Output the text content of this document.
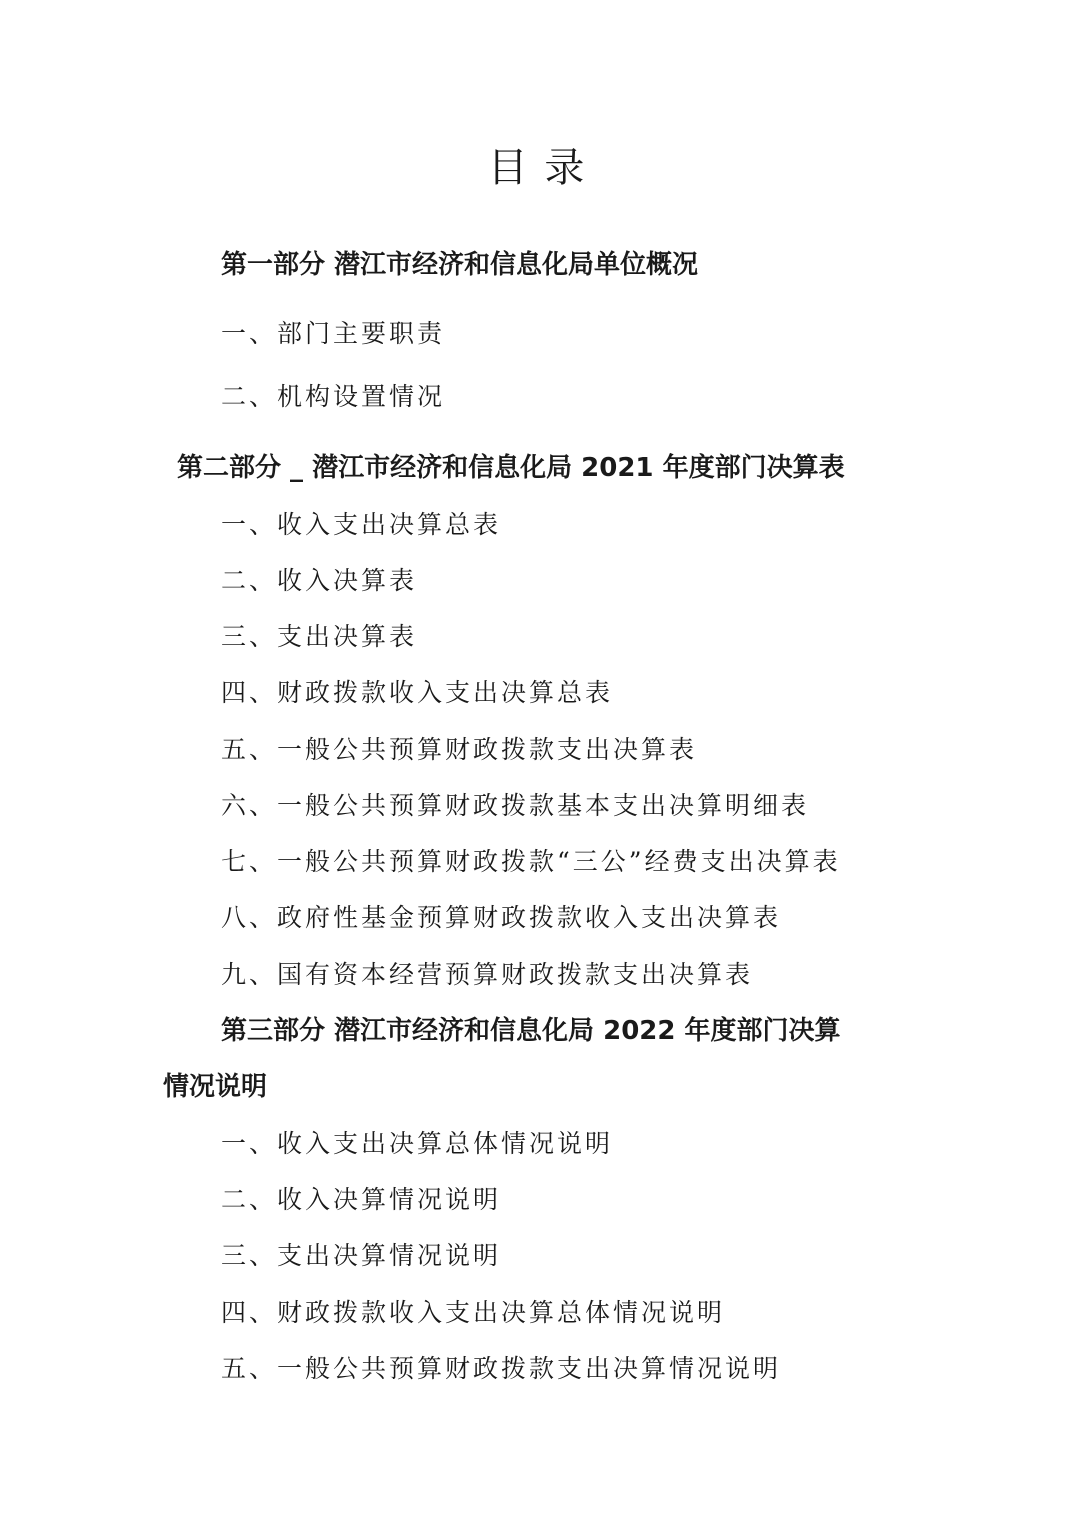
目 录
第一部分 潜江市经济和信息化局单位概况
一、部门主要职责
二、机构设置情况
第二部分 _ 潜江市经济和信息化局 2021 年度部门决算表
一、收入支出决算总表
二、收入决算表
三、支出决算表
四、财政拨款收入支出决算总表
五、一般公共预算财政拨款支出决算表
六、一般公共预算财政拨款基本支出决算明细表
七、一般公共预算财政拨款“三公”经费支出决算表
八、政府性基金预算财政拨款收入支出决算表
九、国有资本经营预算财政拨款支出决算表
第三部分 潜江市经济和信息化局 2022 年度部门决算
情况说明
一、收入支出决算总体情况说明
二、收入决算情况说明
三、支出决算情况说明
四、财政拨款收入支出决算总体情况说明
五、一般公共预算财政拨款支出决算情况说明
